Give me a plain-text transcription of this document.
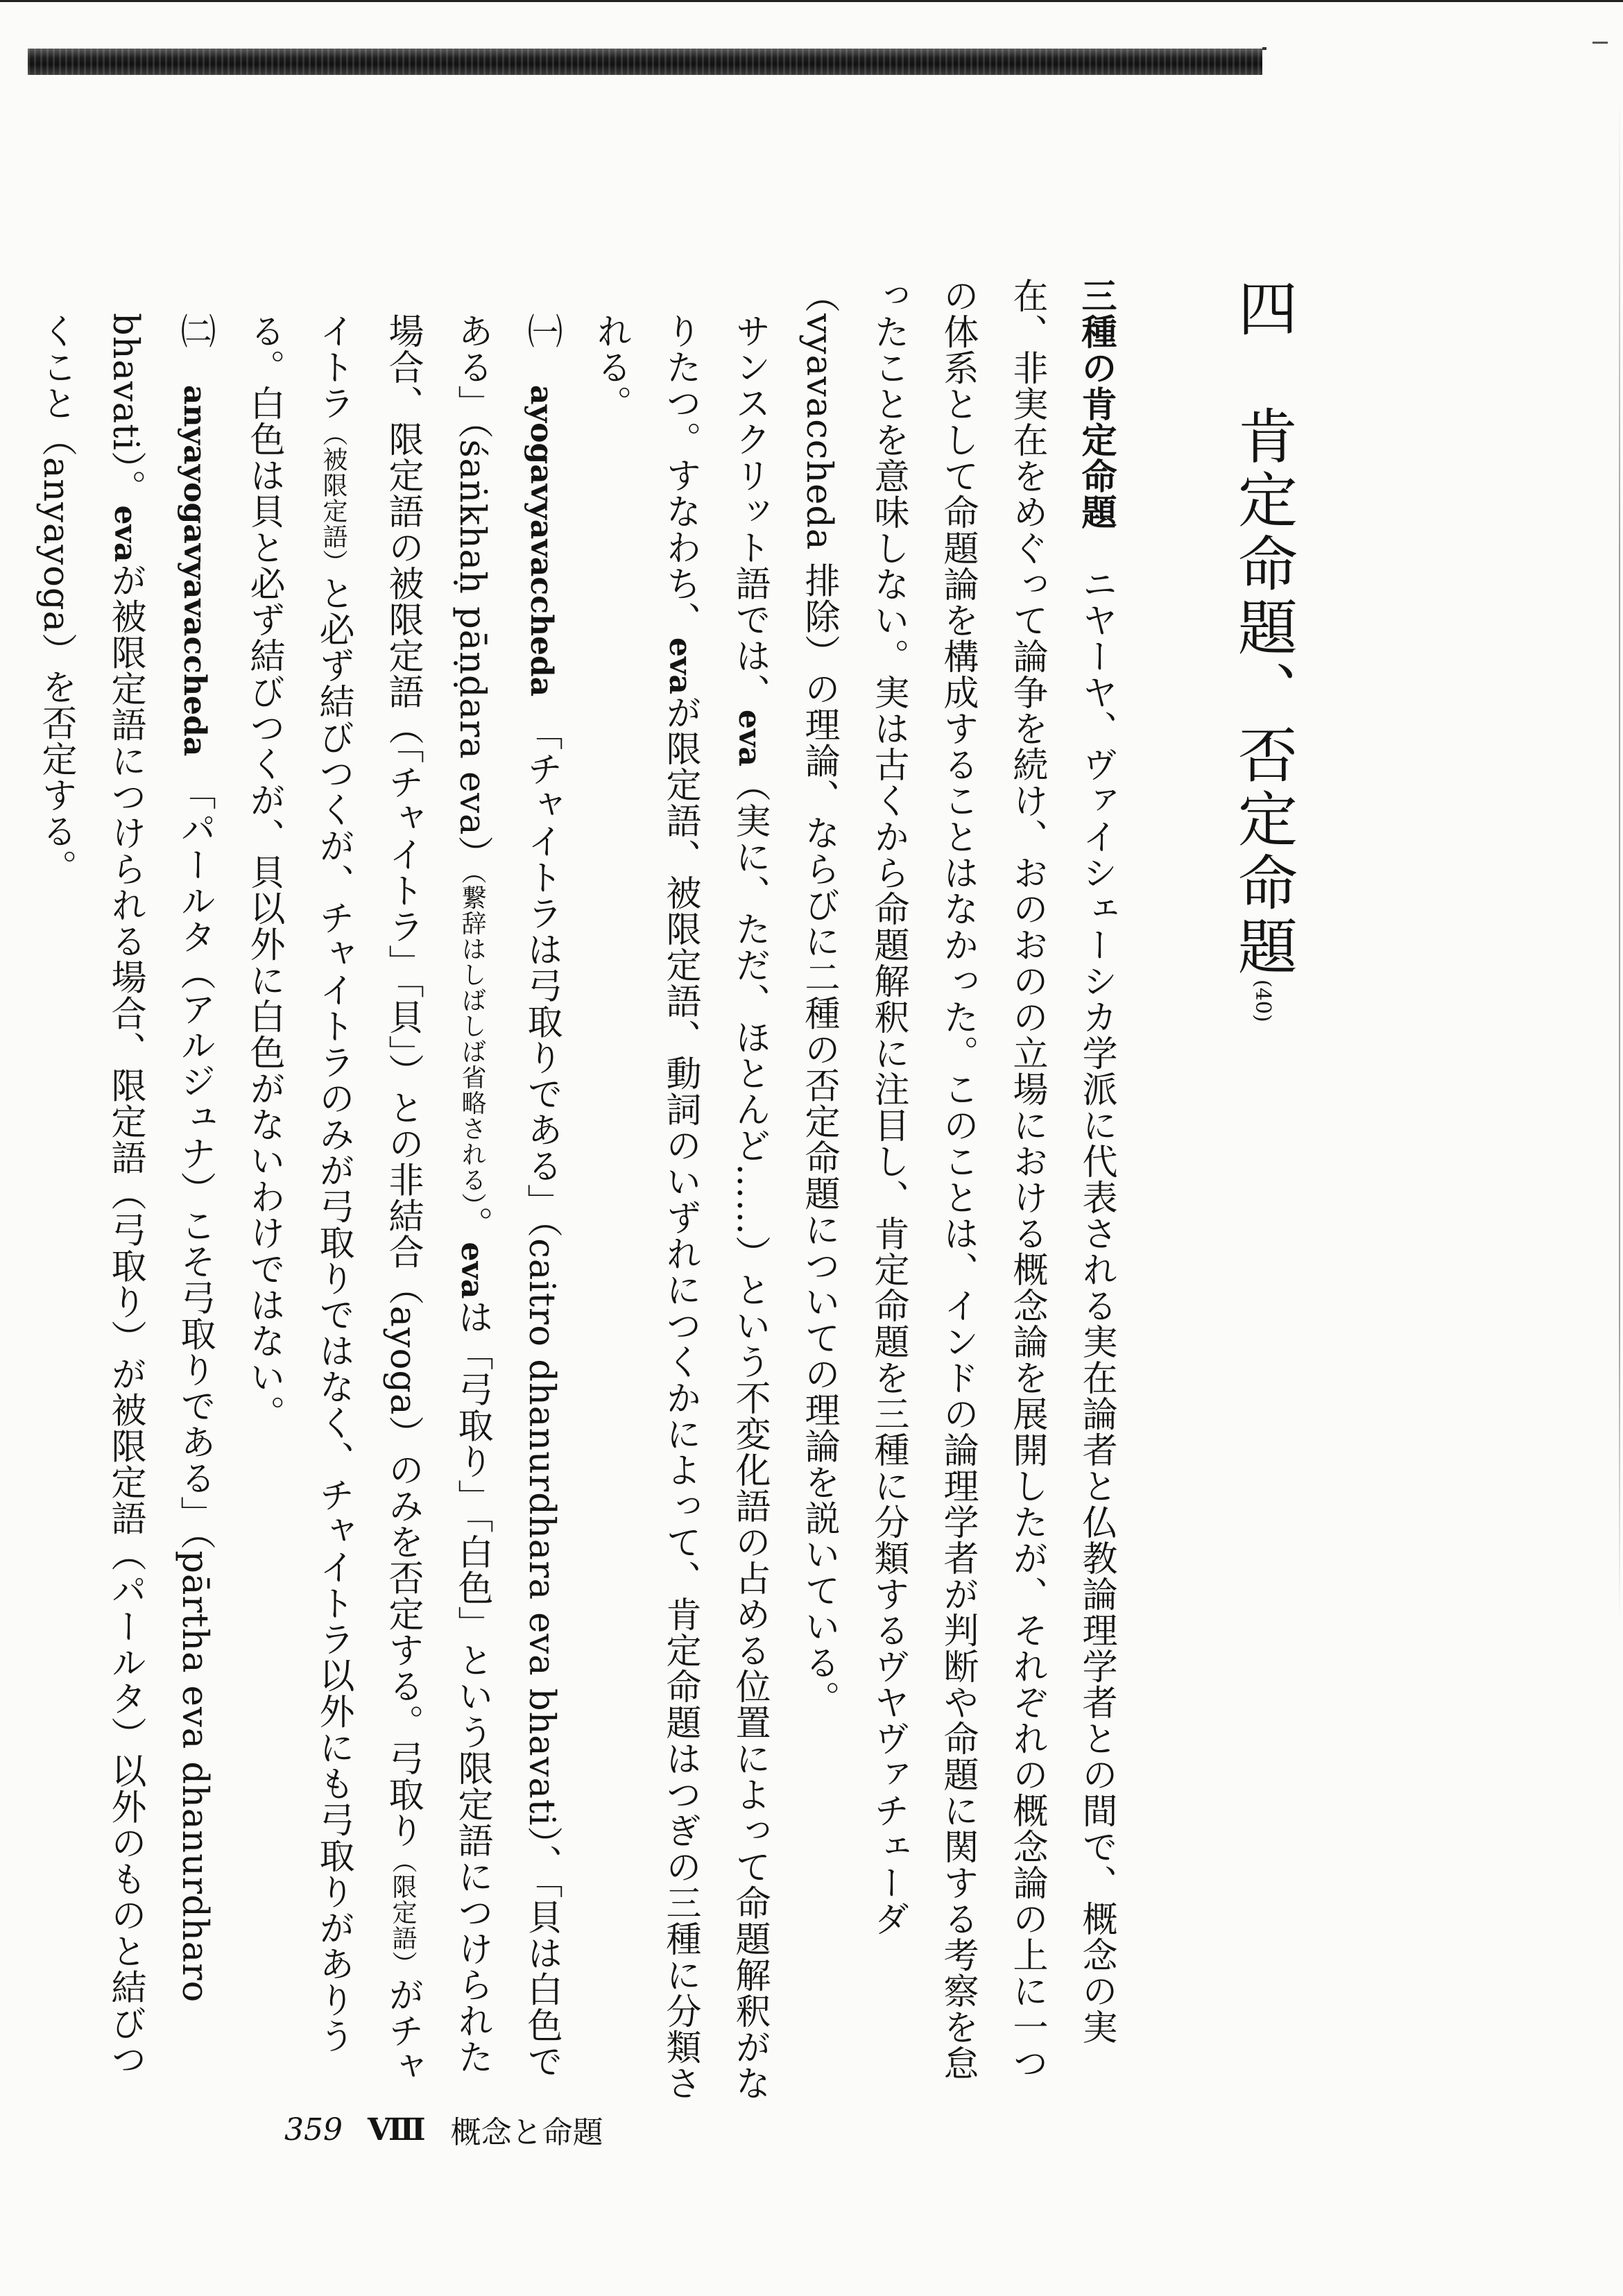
四　肯定命題、否定命題(40)

三種の肯定命題　ニヤーヤ、ヴァイシェーシカ学派に代表される実在論者と仏教論理学者との間で、概念の実在、非実在をめぐって論争を続け、おのおのの立場における概念論を展開したが、それぞれの概念論の上に一つの体系として命題論を構成することはなかった。このことは、インドの論理学者が判断や命題に関する考察を怠ったことを意味しない。実は古くから命題解釈に注目し、肯定命題を三種に分類するヴヤヴァチェーダ（vyavaccheda 排除）の理論、ならびに二種の否定命題についての理論を説いている。

サンスクリット語では、eva（実に、ただ、ほとんど……）という不変化語の占める位置によって命題解釈がなりたつ。すなわち、evaが限定語、被限定語、動詞のいずれにつくかによって、肯定命題はつぎの三種に分類される。

㈠　ayogavyavaccheda　「チャイトラは弓取りである」（caitro dhanurdhara eva bhavati）、「貝は白色である」（śaṅkhaḥ pāṇḍara eva）（繋辞はしばしば省略される）。evaは「弓取り」「白色」という限定語につけられた場合、限定語の被限定語（「チャイトラ」「貝」）との非結合（ayoga）のみを否定する。弓取り（限定語）がチャイトラ（被限定語）と必ず結びつくが、チャイトラのみが弓取りではなく、チャイトラ以外にも弓取りがありうる。白色は貝と必ず結びつくが、貝以外に白色がないわけではない。

㈡　anyayogavyavaccheda　「パールタ（アルジュナ）こそ弓取りである」（pārtha eva dhanurdharo bhavati）。evaが被限定語につけられる場合、限定語（弓取り）が被限定語（パールタ）以外のものと結びつくこと（anyayoga）を否定する。

359 Ⅷ 概念と命題
